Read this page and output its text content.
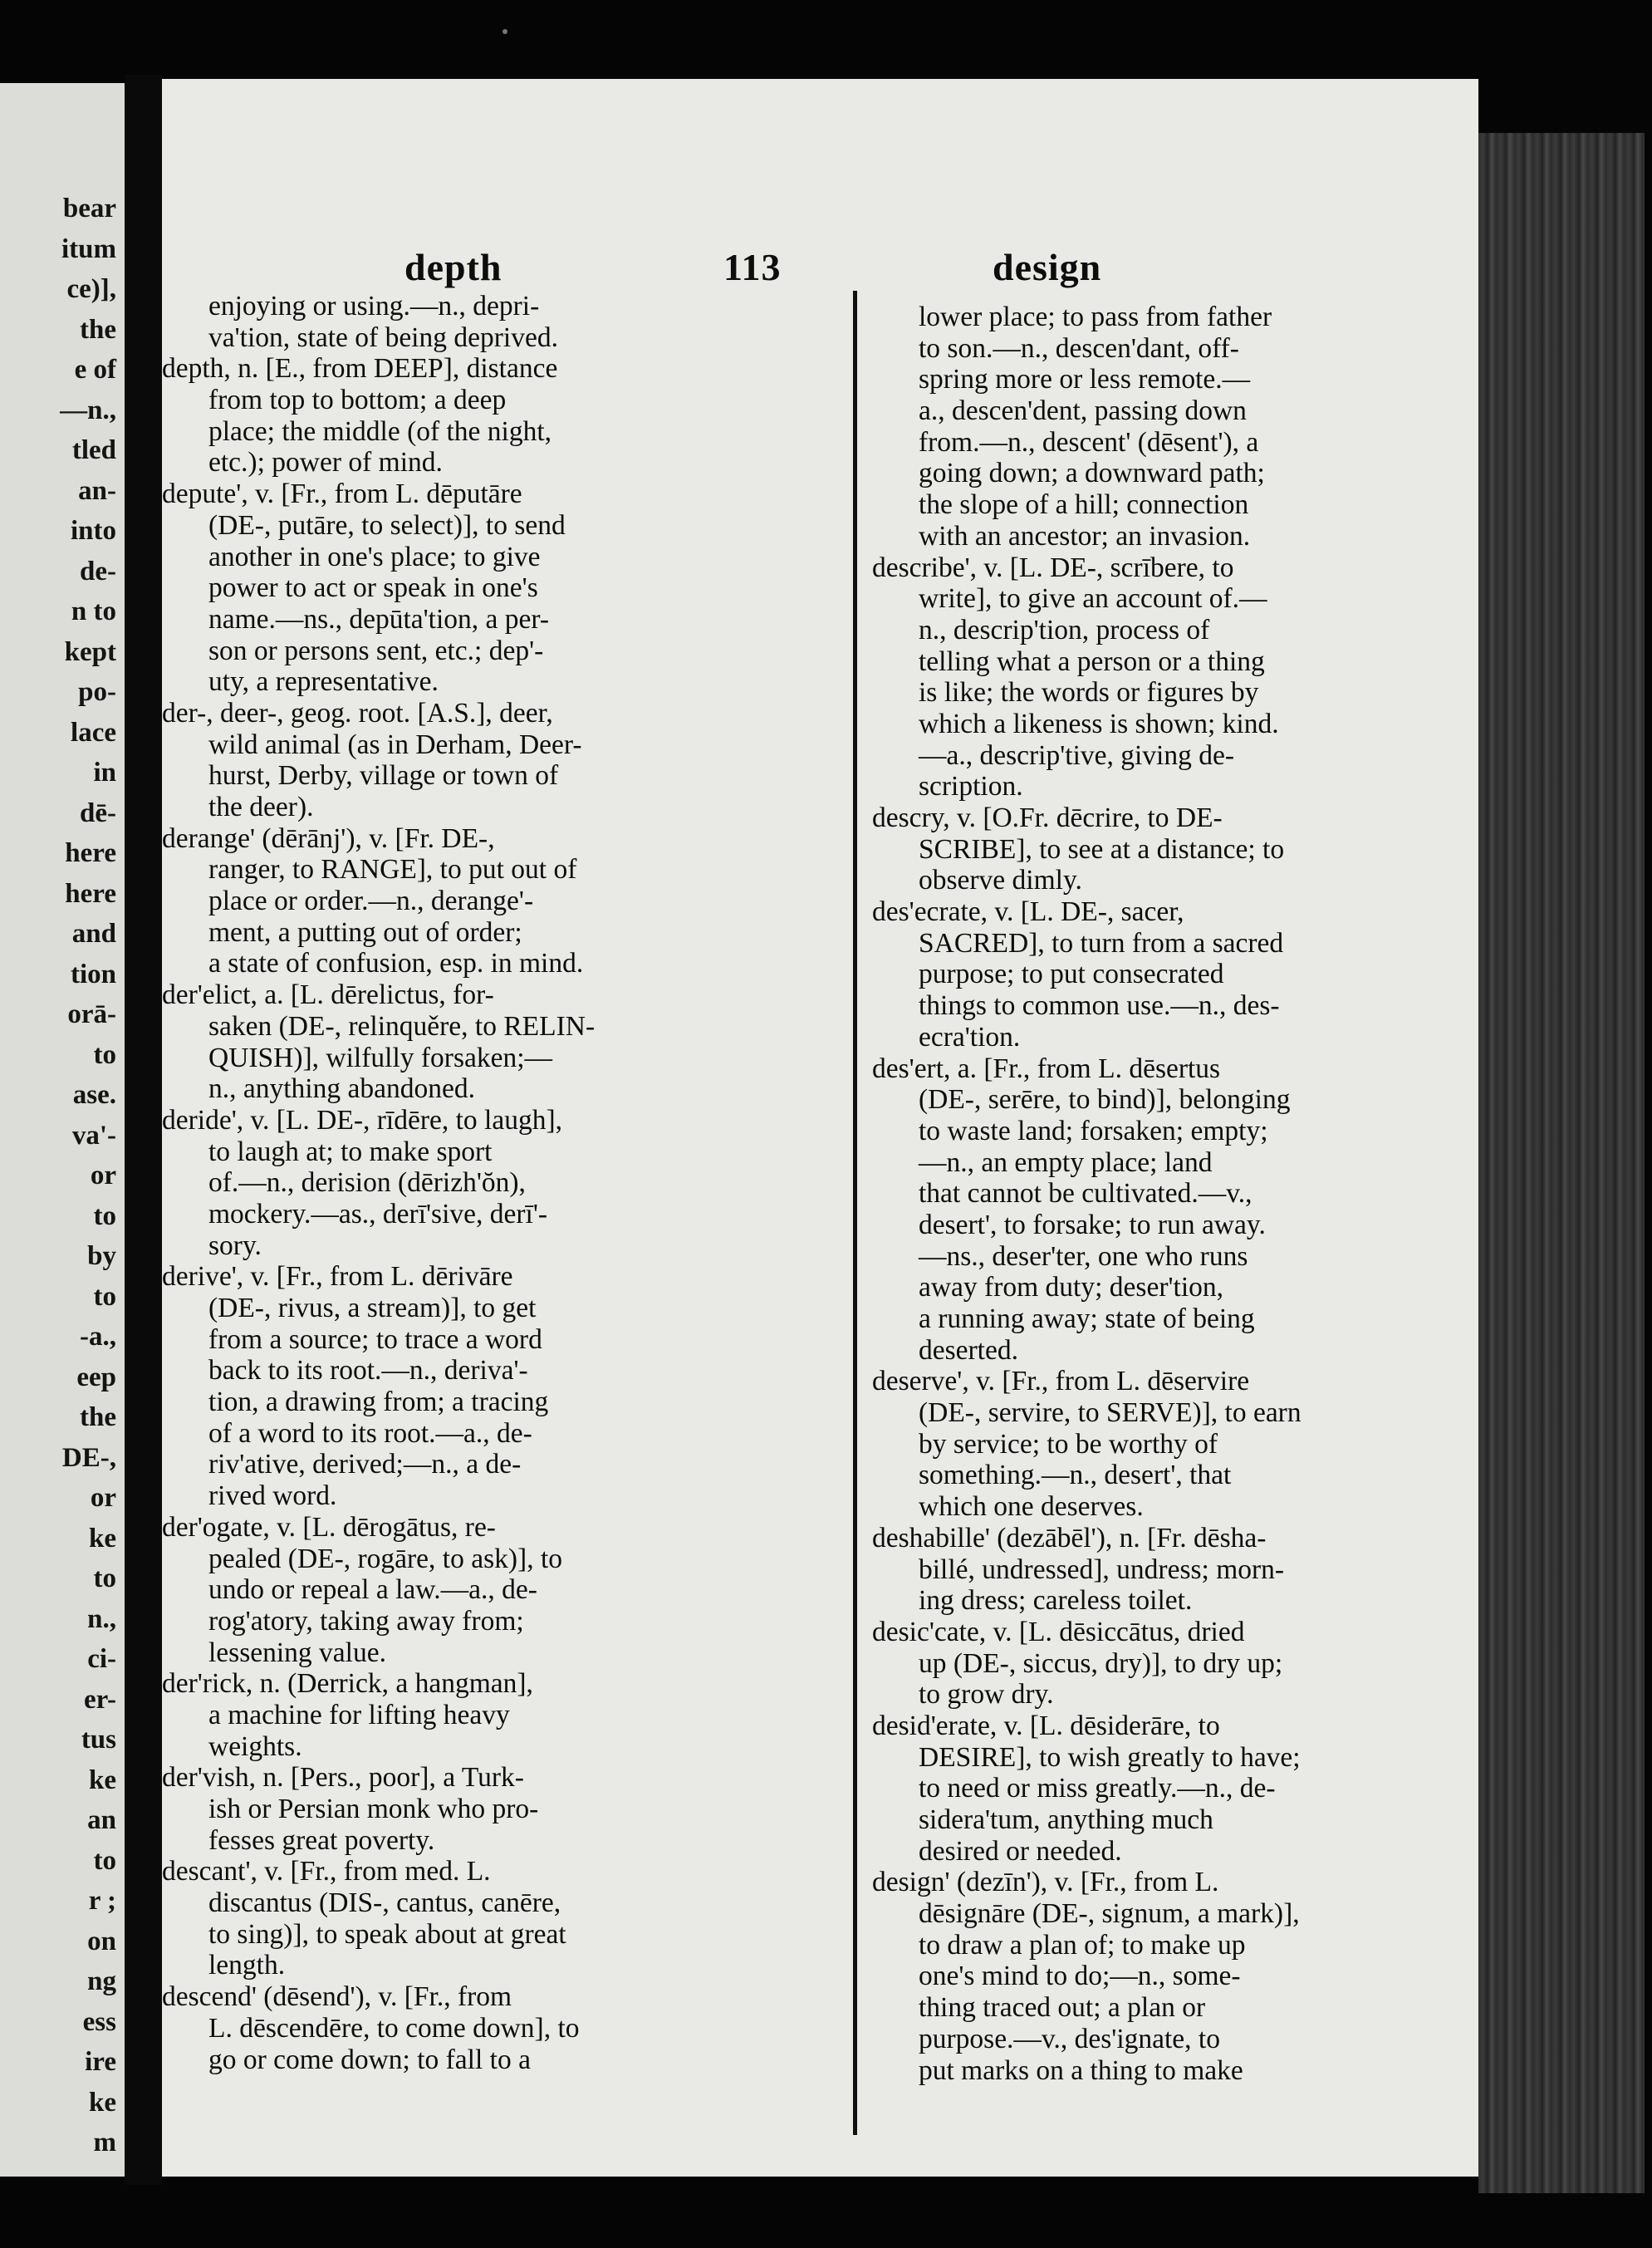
bear
itum
ce)],
the
e of
—n.,
tled
an-
into
de-
n to
kept
po-
lace
in
dē-
here
here
and
tion
orā-
to
ase.
va'-
or
to
by
to
-a.,
eep
the
DE-,
or
ke
to
n.,
ci-
er-
tus
ke
an
to
r ;
on
ng
ess
ire
ke
m
depth	113	design
enjoying or using.—n., depri-
va'tion, state of being deprived.
depth, n. [E., from DEEP], distance
from top to bottom; a deep
place; the middle (of the night,
etc.); power of mind.
depute', v. [Fr., from L. dēputāre
(DE-, putāre, to select)], to send
another in one's place; to give
power to act or speak in one's
name.—ns., depūta'tion, a per-
son or persons sent, etc.; dep'-
uty, a representative.
der-, deer-, geog. root. [A.S.], deer,
wild animal (as in Derham, Deer-
hurst, Derby, village or town of
the deer).
derange' (dērānj'), v. [Fr. DE-,
ranger, to RANGE], to put out of
place or order.—n., derange'-
ment, a putting out of order;
a state of confusion, esp. in mind.
der'elict, a. [L. dērelictus, for-
saken (DE-, relinquěre, to RELIN-
QUISH)], wilfully forsaken;—
n., anything abandoned.
deride', v. [L. DE-, rīdēre, to laugh],
to laugh at; to make sport
of.—n., derision (dērizh'ŏn),
mockery.—as., derī'sive, derī'-
sory.
derive', v. [Fr., from L. dērivāre
(DE-, rivus, a stream)], to get
from a source; to trace a word
back to its root.—n., deriva'-
tion, a drawing from; a tracing
of a word to its root.—a., de-
riv'ative, derived;—n., a de-
rived word.
der'ogate, v. [L. dērogātus, re-
pealed (DE-, rogāre, to ask)], to
undo or repeal a law.—a., de-
rog'atory, taking away from;
lessening value.
der'rick, n. (Derrick, a hangman],
a machine for lifting heavy
weights.
der'vish, n. [Pers., poor], a Turk-
ish or Persian monk who pro-
fesses great poverty.
descant', v. [Fr., from med. L.
discantus (DIS-, cantus, canēre,
to sing)], to speak about at great
length.
descend' (dēsend'), v. [Fr., from
L. dēscendēre, to come down], to
go or come down; to fall to a
lower place; to pass from father
to son.—n., descen'dant, off-
spring more or less remote.—
a., descen'dent, passing down
from.—n., descent' (dēsent'), a
going down; a downward path;
the slope of a hill; connection
with an ancestor; an invasion.
describe', v. [L. DE-, scrībere, to
write], to give an account of.—
n., descrip'tion, process of
telling what a person or a thing
is like; the words or figures by
which a likeness is shown; kind.
—a., descrip'tive, giving de-
scription.
descry, v. [O.Fr. dēcrire, to DE-
SCRIBE], to see at a distance; to
observe dimly.
des'ecrate, v. [L. DE-, sacer,
SACRED], to turn from a sacred
purpose; to put consecrated
things to common use.—n., des-
ecra'tion.
des'ert, a. [Fr., from L. dēsertus
(DE-, serēre, to bind)], belonging
to waste land; forsaken; empty;
—n., an empty place; land
that cannot be cultivated.—v.,
desert', to forsake; to run away.
—ns., deser'ter, one who runs
away from duty; deser'tion,
a running away; state of being
deserted.
deserve', v. [Fr., from L. dēservire
(DE-, servire, to SERVE)], to earn
by service; to be worthy of
something.—n., desert', that
which one deserves.
deshabille' (dezābēl'), n. [Fr. dēsha-
billé, undressed], undress; morn-
ing dress; careless toilet.
desic'cate, v. [L. dēsiccātus, dried
up (DE-, siccus, dry)], to dry up;
to grow dry.
desid'erate, v. [L. dēsiderāre, to
DESIRE], to wish greatly to have;
to need or miss greatly.—n., de-
sidera'tum, anything much
desired or needed.
design' (dezīn'), v. [Fr., from L.
dēsignāre (DE-, signum, a mark)],
to draw a plan of; to make up
one's mind to do;—n., some-
thing traced out; a plan or
purpose.—v., des'ignate, to
put marks on a thing to make
